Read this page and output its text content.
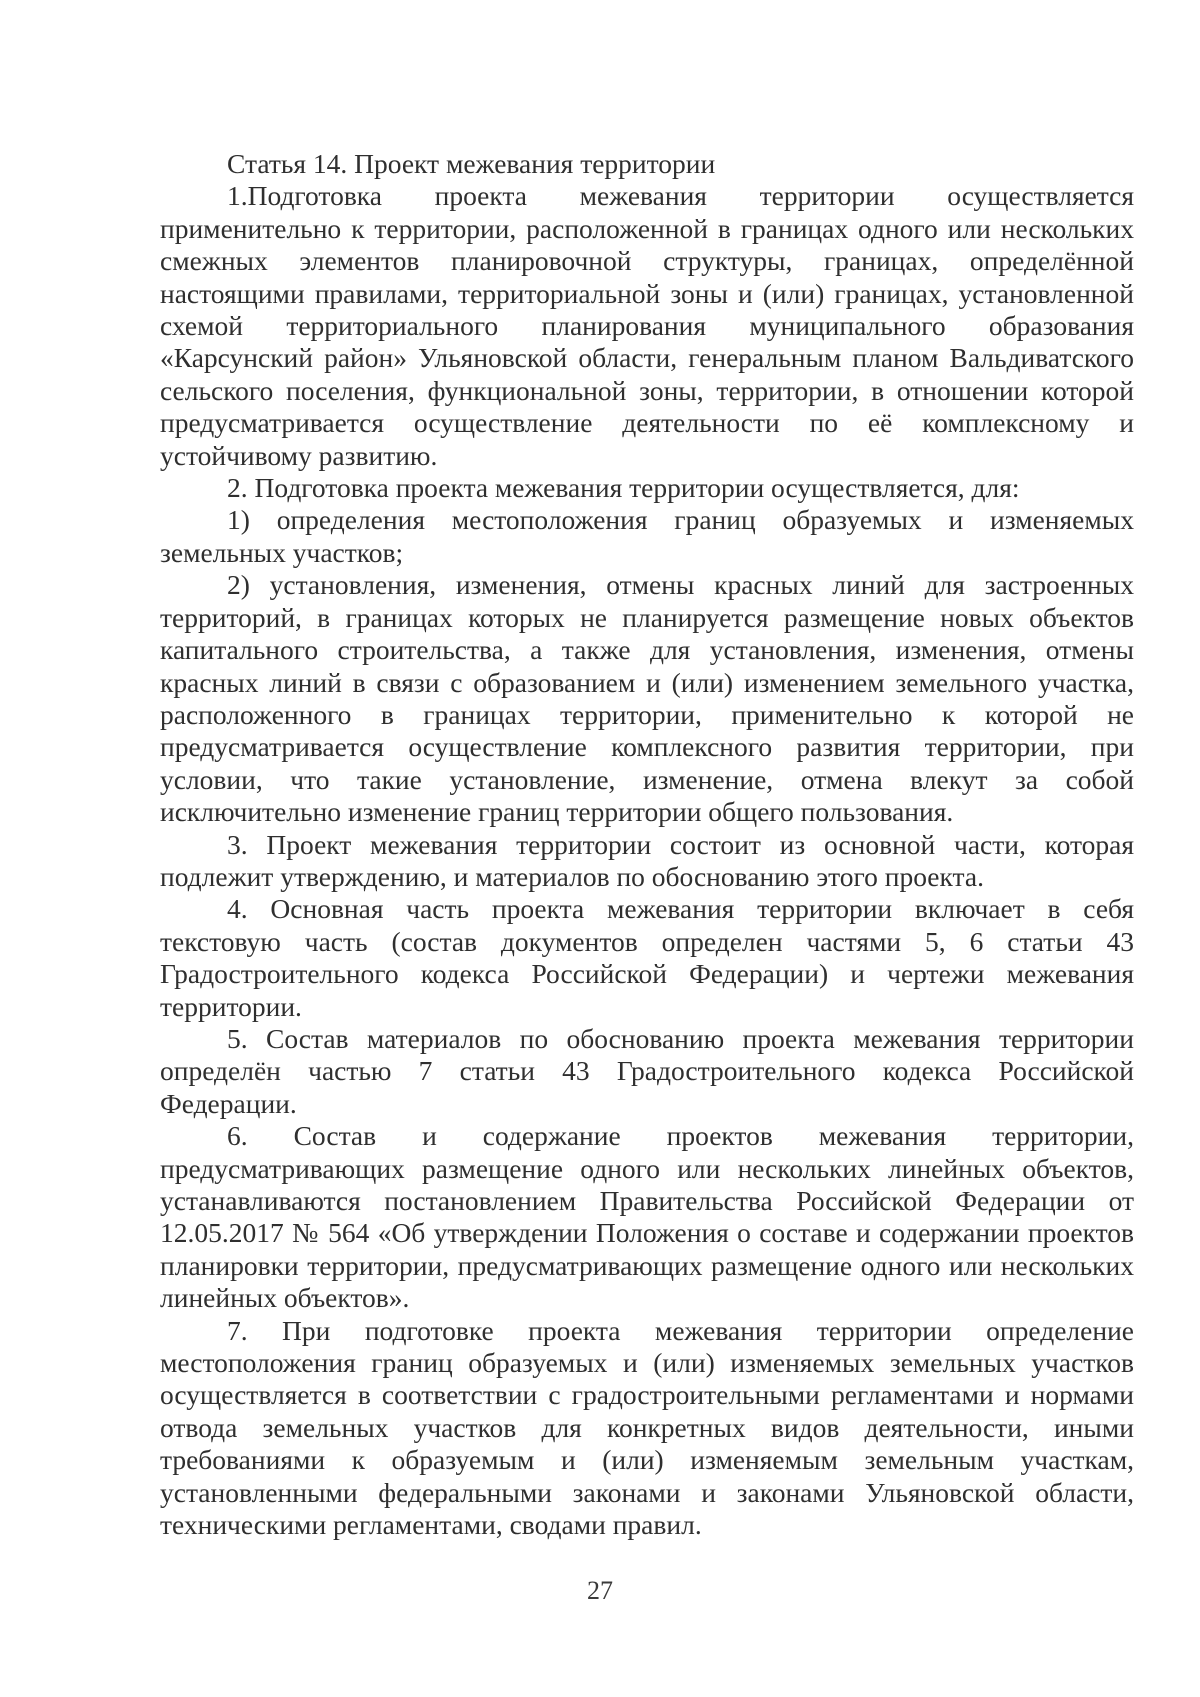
Статья 14. Проект межевания территории

1.Подготовка проекта межевания территории осуществляется применительно к территории, расположенной в границах одного или нескольких смежных элементов планировочной структуры, границах, определённой настоящими правилами, территориальной зоны и (или) границах, установленной схемой территориального планирования муниципального образования «Карсунский район» Ульяновской области, генеральным планом Вальдиватского сельского поселения, функциональной зоны, территории, в отношении которой предусматривается осуществление деятельности по её комплексному и устойчивому развитию.

2. Подготовка проекта межевания территории осуществляется, для:

1) определения местоположения границ образуемых и изменяемых земельных участков;

2) установления, изменения, отмены красных линий для застроенных территорий, в границах которых не планируется размещение новых объектов капитального строительства, а также для установления, изменения, отмены красных линий в связи с образованием и (или) изменением земельного участка, расположенного в границах территории, применительно к которой не предусматривается осуществление комплексного развития территории, при условии, что такие установление, изменение, отмена влекут за собой исключительно изменение границ территории общего пользования.

3. Проект межевания территории состоит из основной части, которая подлежит утверждению, и материалов по обоснованию этого проекта.

4. Основная часть проекта межевания территории включает в себя текстовую часть (состав документов определен частями 5, 6 статьи 43 Градостроительного кодекса Российской Федерации) и чертежи межевания территории.

5. Состав материалов по обоснованию проекта межевания территории определён частью 7 статьи 43 Градостроительного кодекса Российской Федерации.

6. Состав и содержание проектов межевания территории, предусматривающих размещение одного или нескольких линейных объектов, устанавливаются постановлением Правительства Российской Федерации от 12.05.2017 № 564 «Об утверждении Положения о составе и содержании проектов планировки территории, предусматривающих размещение одного или нескольких линейных объектов».

7. При подготовке проекта межевания территории определение местоположения границ образуемых и (или) изменяемых земельных участков осуществляется в соответствии с градостроительными регламентами и нормами отвода земельных участков для конкретных видов деятельности, иными требованиями к образуемым и (или) изменяемым земельным участкам, установленными федеральными законами и законами Ульяновской области, техническими регламентами, сводами правил.

27
